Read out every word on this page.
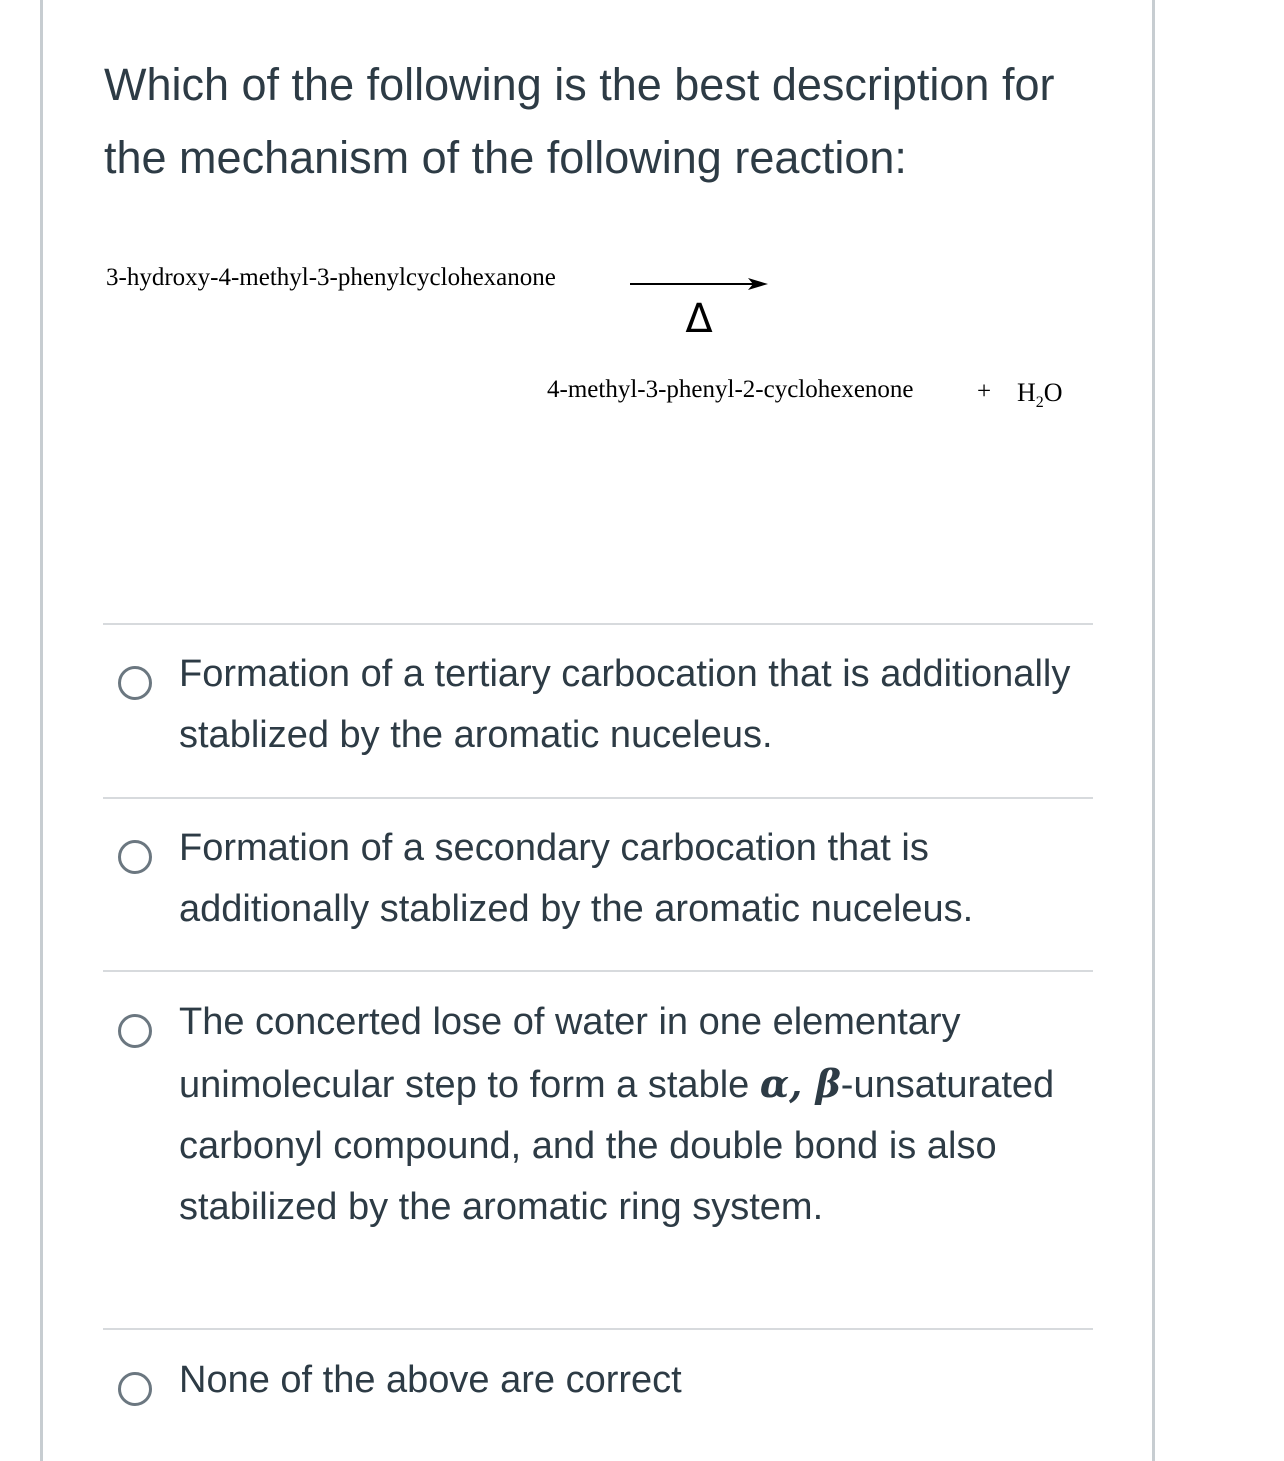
Which of the following is the best description for the mechanism of the following reaction:
3-hydroxy-4-methyl-3-phenylcyclohexanone
Δ
4-methyl-3-phenyl-2-cyclohexenone	+ $H_2O$
Formation of a tertiary carbocation that is additionally stablized by the aromatic nuceleus.
Formation of a secondary carbocation that is additionally stablized by the aromatic nuceleus.
The concerted lose of water in one elementary unimolecular step to form a stable α, β-unsaturated carbonyl compound, and the double bond is also stabilized by the aromatic ring system.
None of the above are correct
